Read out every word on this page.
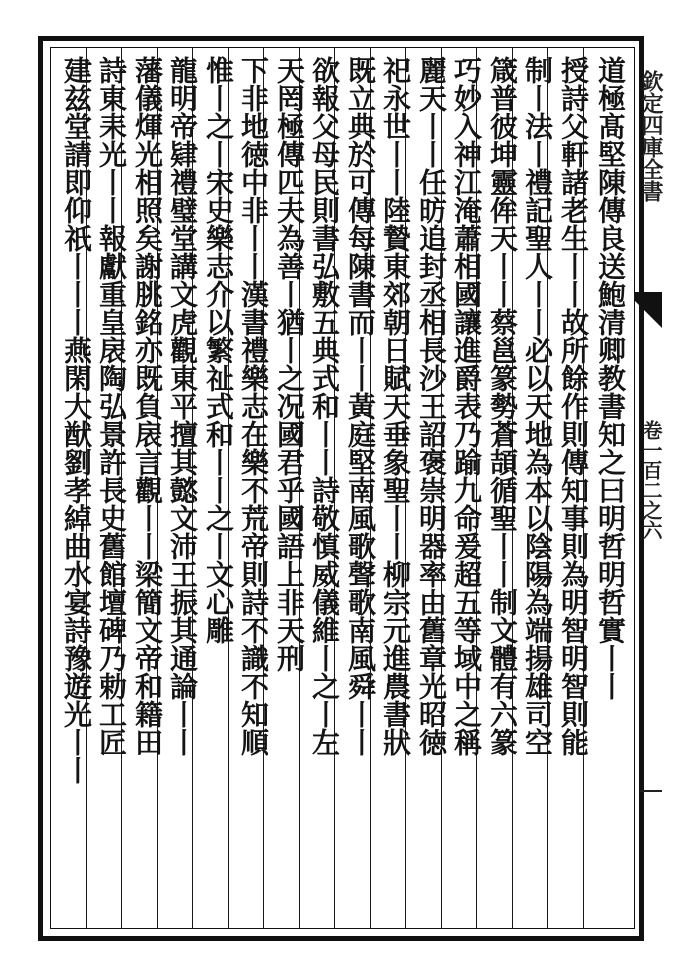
欽定四庫全書
卷一百二之六
道極髙堅陳傳良送鮑清卿教書知之曰明哲明哲實丨丨
授詩父軒諸老生丨丨故所餘作則傳知事則為明智明智則能
制丨法丨禮記聖人丨丨必以天地為本以陰陽為端揚雄司空
箴普彼坤靈侔天丨丨蔡邕篆勢蒼頡循聖丨丨制文體有六篆
巧妙入神江淹蕭相國讓進爵表乃踰九命爰超五等域中之稱
麗天丨丨任昉追封丞相長沙王詔褒崇明器率由舊章光昭徳
祀永世丨丨陸贄東郊朝日賦天垂象聖丨丨柳宗元進農書狀
既立典於可傳每陳書而丨丨黃庭堅南風歌聲歌南風舜丨丨
欲報父母民則書弘敷五典式和丨丨詩敬慎威儀維丨之丨左
天罔極傳匹夫為善丨猶丨之况國君乎國語上非天刑
下非地徳中非丨丨漢書禮樂志在樂不荒帝則詩不識不知順
惟丨之丨宋史樂志介以繁祉式和丨丨之丨文心雕
龍明帝肄禮璧堂講文虎觀東平擅其懿文沛王振其通論丨丨
藩儀煇光相照矣謝朓銘亦既負扆言觀丨丨梁簡文帝和籍田
詩東耒光丨丨報獻重皇扆陶弘景許長史舊館壇碑乃勅工匠
建兹堂請即仰祇丨丨丨燕閑大猷劉孝綽曲水宴詩豫遊光丨丨
